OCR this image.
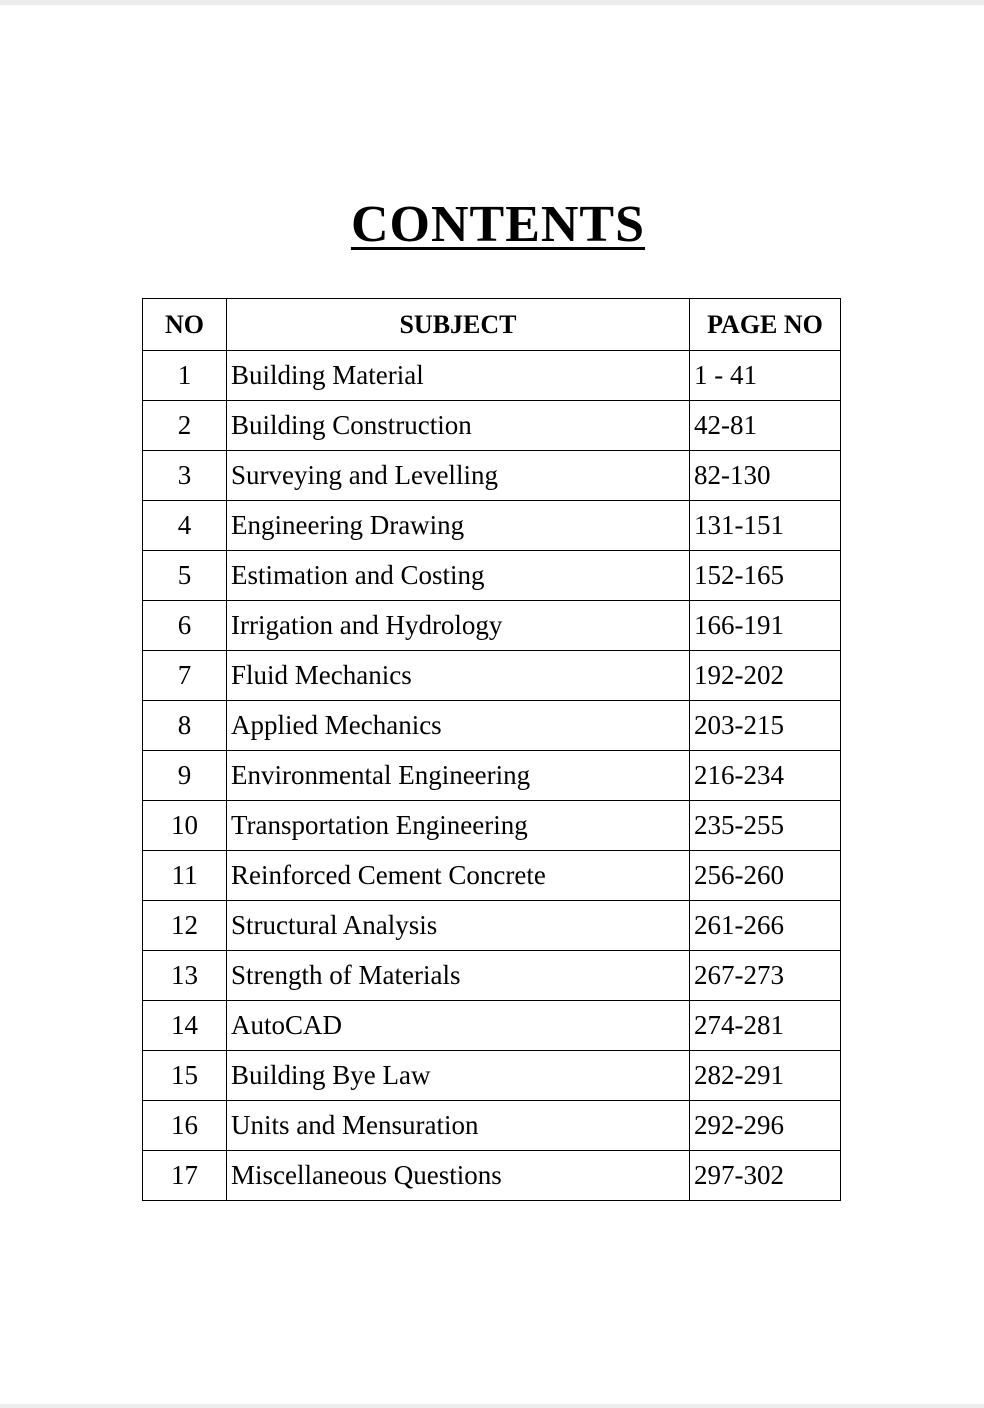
CONTENTS
NO	SUBJECT	PAGE NO
1	Building Material	1 - 41
2	Building Construction	42-81
3	Surveying and Levelling	82-130
4	Engineering Drawing	131-151
5	Estimation and Costing	152-165
6	Irrigation and Hydrology	166-191
7	Fluid Mechanics	192-202
8	Applied Mechanics	203-215
9	Environmental Engineering	216-234
10	Transportation Engineering	235-255
11	Reinforced Cement Concrete	256-260
12	Structural Analysis	261-266
13	Strength of Materials	267-273
14	AutoCAD	274-281
15	Building Bye Law	282-291
16	Units and Mensuration	292-296
17	Miscellaneous Questions	297-302
